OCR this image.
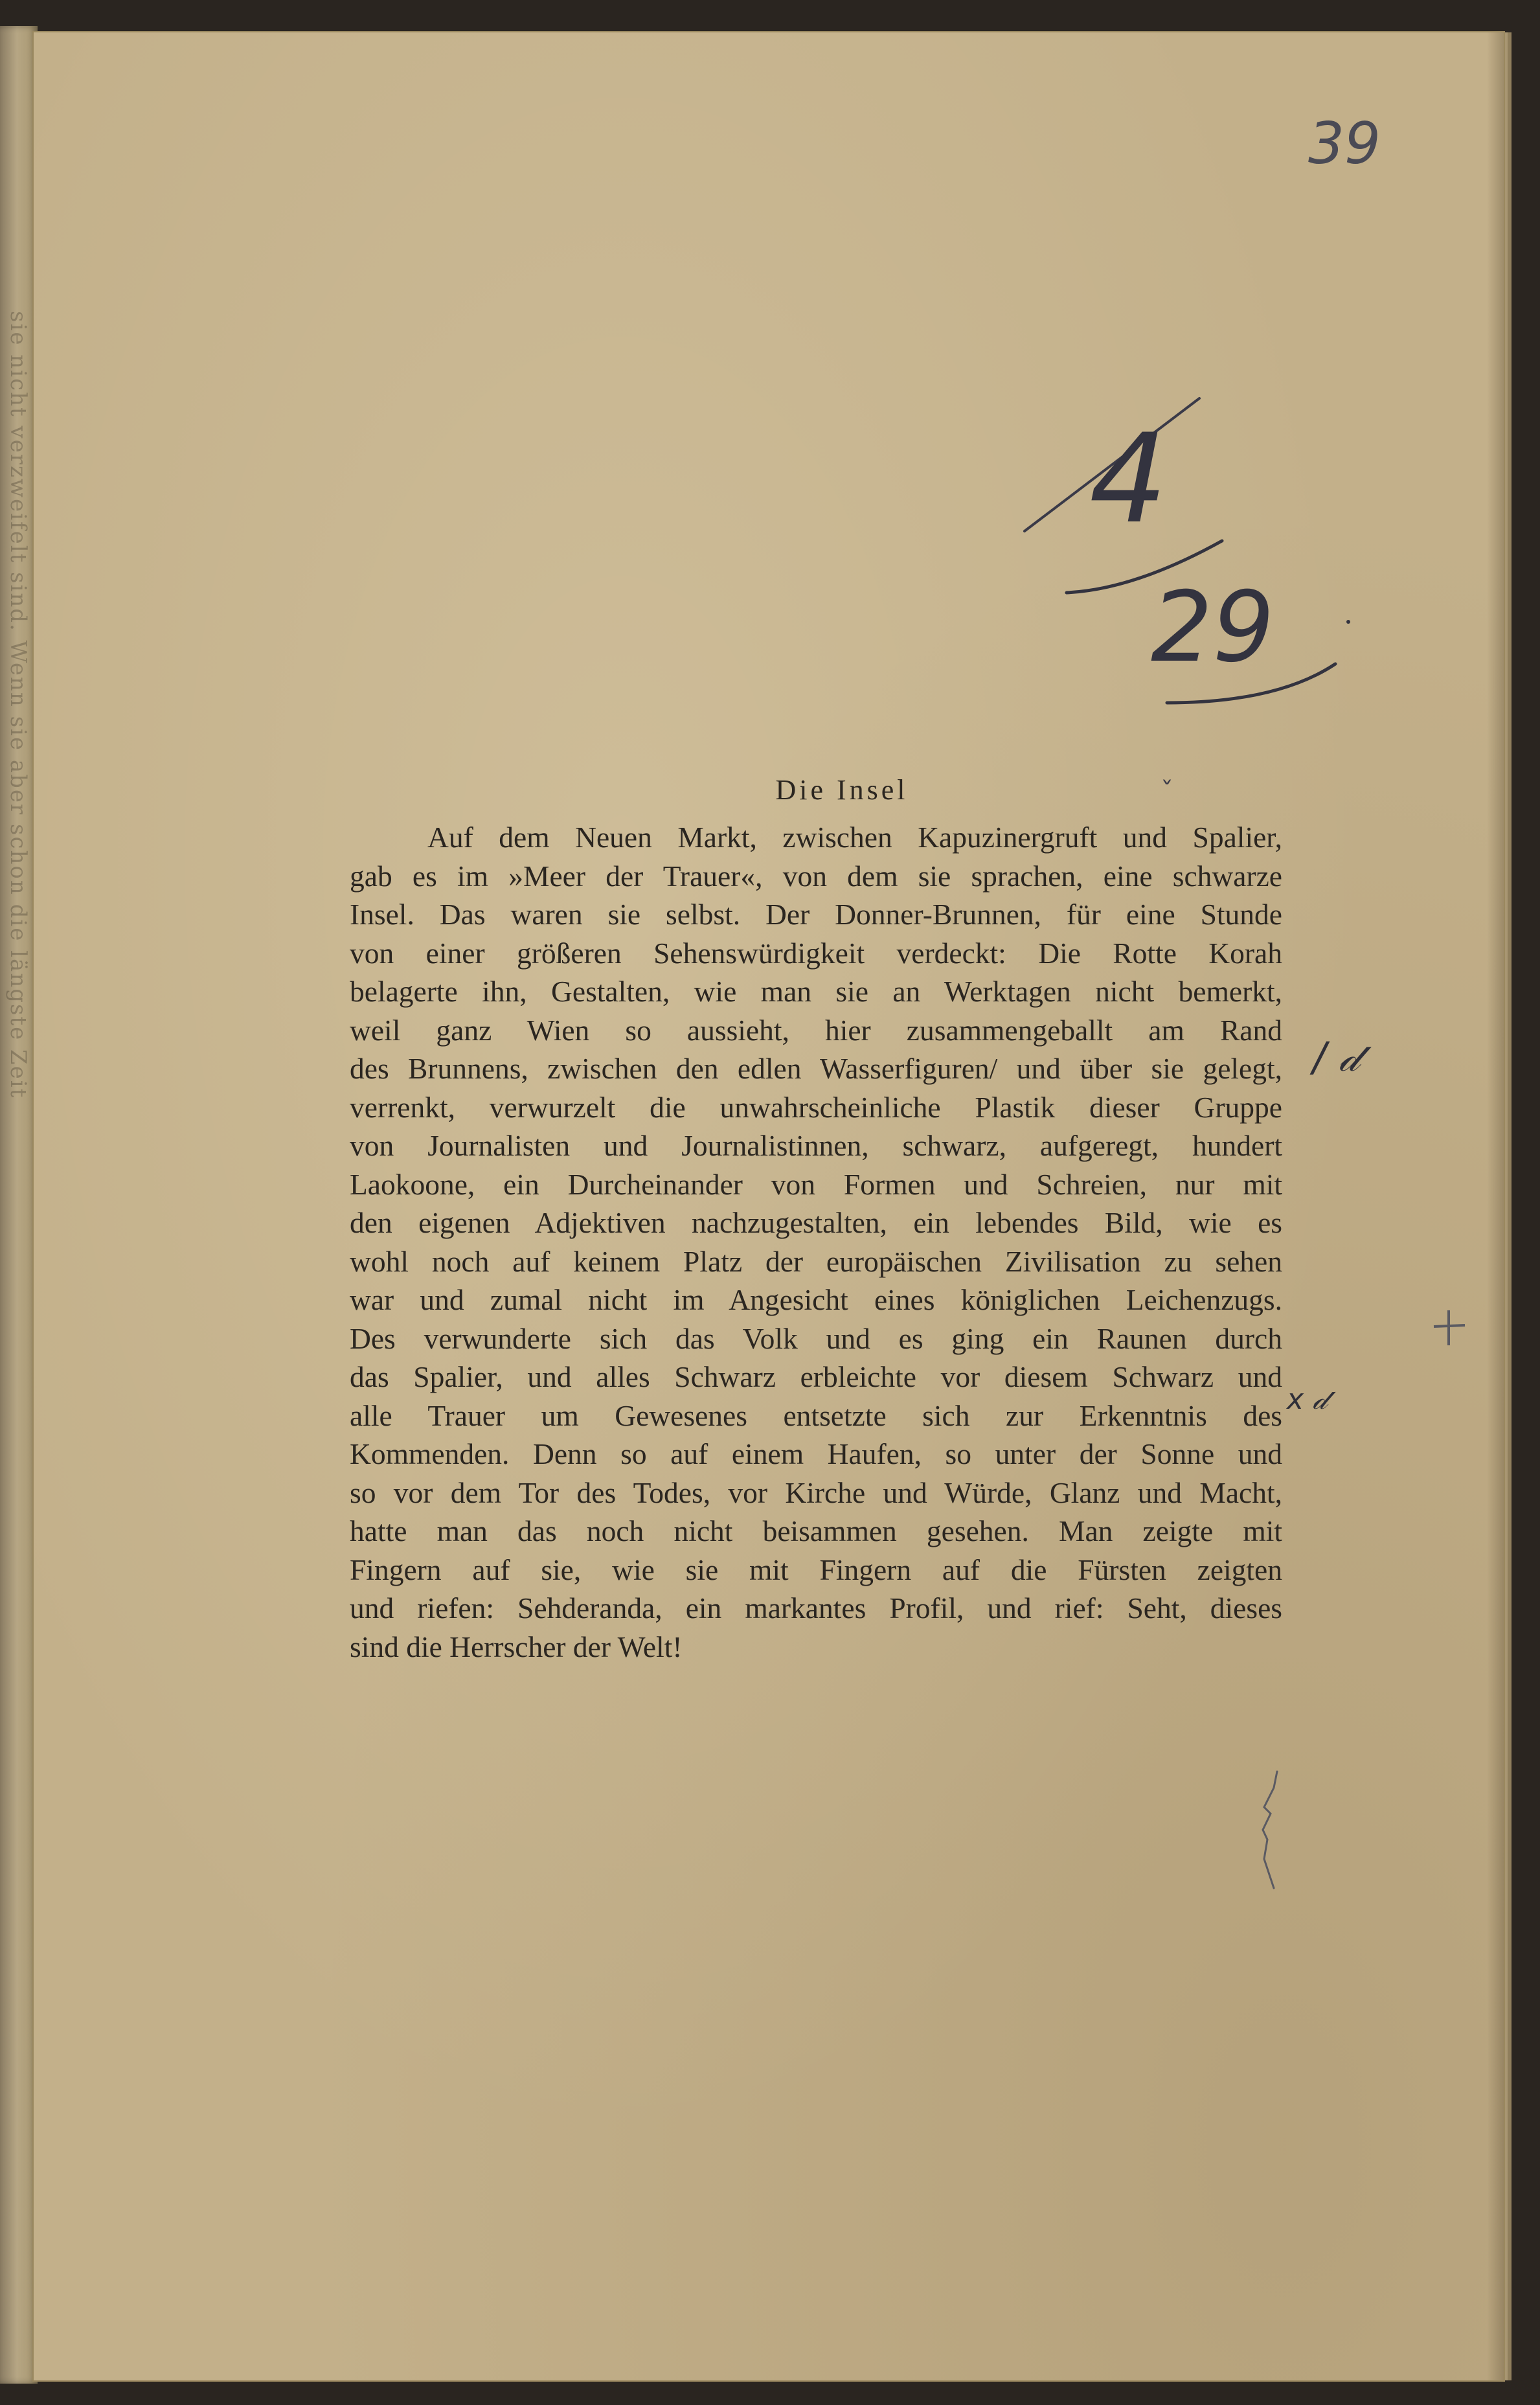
sie nicht verzweifelt sind. Wenn sie aber schon die längste Zeit
39
4
29
ˇ
/ 𝒹
x 𝒹
Die Insel
Auf dem Neuen Markt, zwischen Kapuzinergruft und Spalier,
gab es im »Meer der Trauer«, von dem sie sprachen, eine schwarze
Insel. Das waren sie selbst. Der Donner-Brunnen, für eine Stunde
von einer größeren Sehenswürdigkeit verdeckt: Die Rotte Korah
belagerte ihn, Gestalten, wie man sie an Werktagen nicht bemerkt,
weil ganz Wien so aussieht, hier zusammengeballt am Rand
des Brunnens, zwischen den edlen Wasserfiguren/ und über sie gelegt,
verrenkt, verwurzelt die unwahrscheinliche Plastik dieser Gruppe
von Journalisten und Journalistinnen, schwarz, aufgeregt, hundert
Laokoone, ein Durcheinander von Formen und Schreien, nur mit
den eigenen Adjektiven nachzugestalten, ein lebendes Bild, wie es
wohl noch auf keinem Platz der europäischen Zivilisation zu sehen
war und zumal nicht im Angesicht eines königlichen Leichenzugs.
Des verwunderte sich das Volk und es ging ein Raunen durch
das Spalier, und alles Schwarz erbleichte vor diesem Schwarz und
alle Trauer um Gewesenes entsetzte sich zur Erkenntnis des
Kommenden. Denn so auf einem Haufen, so unter der Sonne und
so vor dem Tor des Todes, vor Kirche und Würde, Glanz und Macht,
hatte man das noch nicht beisammen gesehen. Man zeigte mit
Fingern auf sie, wie sie mit Fingern auf die Fürsten zeigten
und riefen: Sehderanda, ein markantes Profil, und rief: Seht, dieses
sind die Herrscher der Welt!
